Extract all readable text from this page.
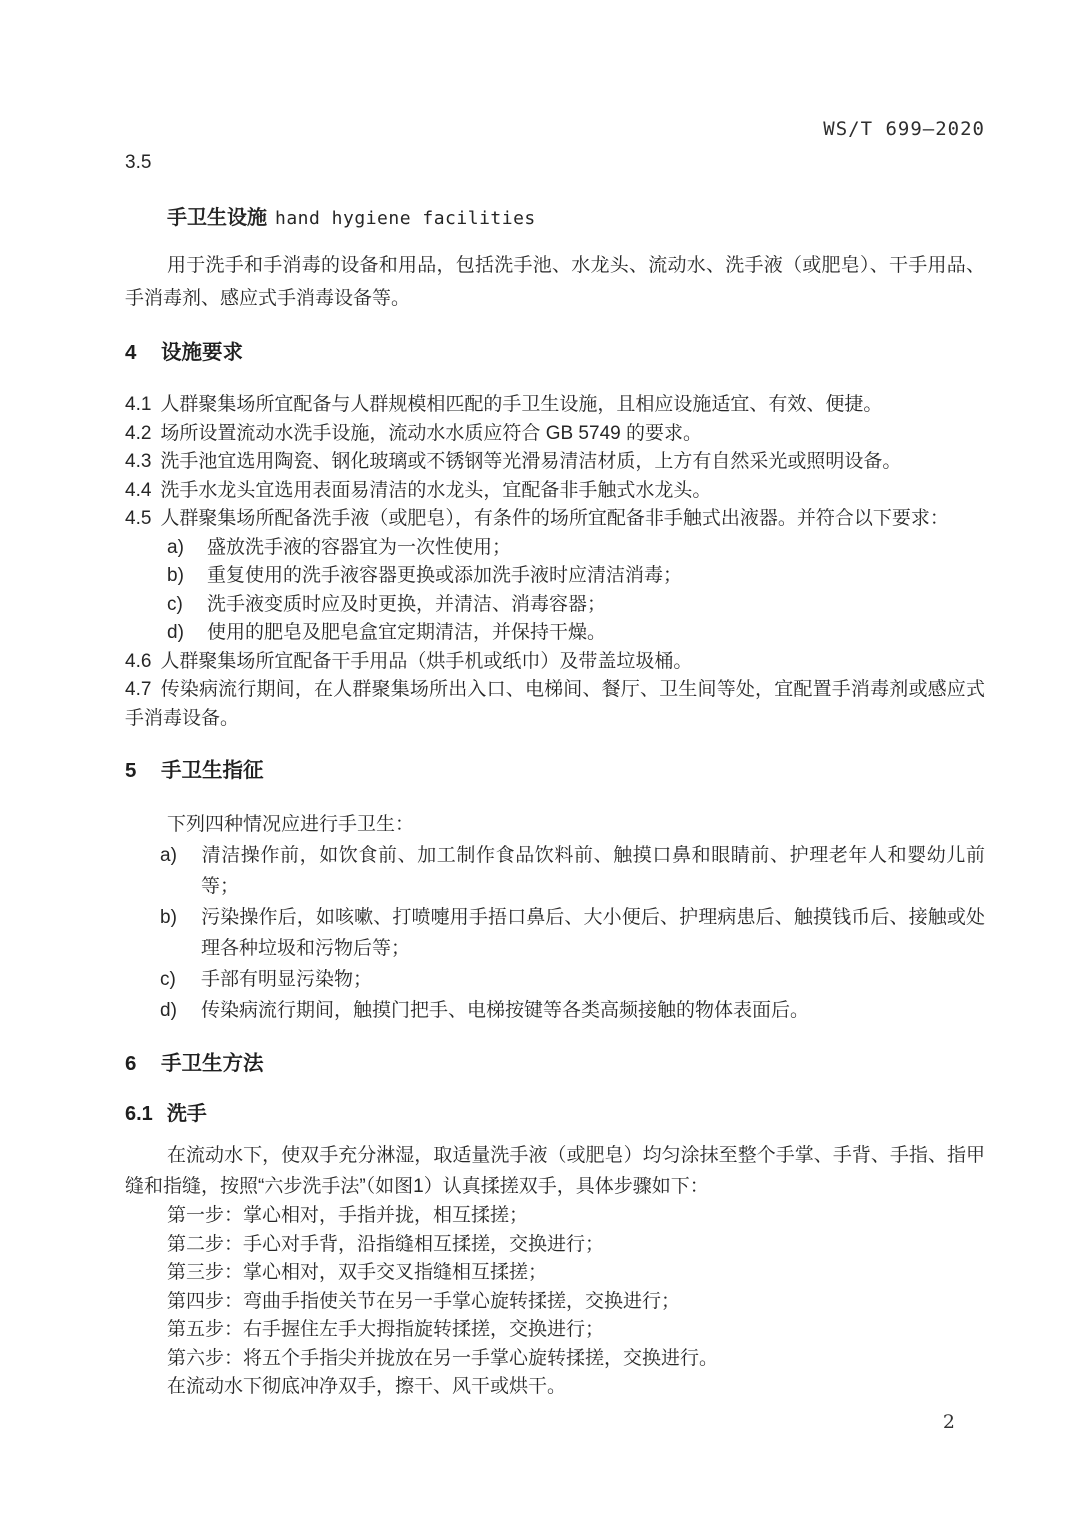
WS/T 699—2020
3.5
手卫生设施 hand hygiene facilities

用于洗手和手消毒的设备和用品，包括洗手池、水龙头、流动水、洗手液（或肥皂）、干手用品、手消毒剂、感应式手消毒设备等。

4 设施要求

4.1 人群聚集场所宜配备与人群规模相匹配的手卫生设施，且相应设施适宜、有效、便捷。

4.2 场所设置流动水洗手设施，流动水水质应符合 GB 5749 的要求。

4.3 洗手池宜选用陶瓷、钢化玻璃或不锈钢等光滑易清洁材质，上方有自然采光或照明设备。

4.4 洗手水龙头宜选用表面易清洁的水龙头，宜配备非手触式水龙头。

4.5 人群聚集场所配备洗手液（或肥皂），有条件的场所宜配备非手触式出液器。并符合以下要求：

a) 盛放洗手液的容器宜为一次性使用；

b) 重复使用的洗手液容器更换或添加洗手液时应清洁消毒；

c) 洗手液变质时应及时更换，并清洁、消毒容器；

d) 使用的肥皂及肥皂盒宜定期清洁，并保持干燥。

4.6 人群聚集场所宜配备干手用品（烘手机或纸巾）及带盖垃圾桶。

4.7 传染病流行期间，在人群聚集场所出入口、电梯间、餐厅、卫生间等处，宜配置手消毒剂或感应式手消毒设备。

5 手卫生指征

下列四种情况应进行手卫生：

a) 清洁操作前，如饮食前、加工制作食品饮料前、触摸口鼻和眼睛前、护理老年人和婴幼儿前等；
b) 污染操作后，如咳嗽、打喷嚏用手捂口鼻后、大小便后、护理病患后、触摸钱币后、接触或处理各种垃圾和污物后等；
c) 手部有明显污染物；
d) 传染病流行期间，触摸门把手、电梯按键等各类高频接触的物体表面后。
6 手卫生方法
6.1 洗手

在流动水下，使双手充分淋湿，取适量洗手液（或肥皂）均匀涂抹至整个手掌、手背、手指、指甲缝和指缝，按照“六步洗手法”（如图1）认真揉搓双手，具体步骤如下：

第一步：掌心相对，手指并拢，相互揉搓；

第二步：手心对手背，沿指缝相互揉搓，交换进行；

第三步：掌心相对，双手交叉指缝相互揉搓；

第四步：弯曲手指使关节在另一手掌心旋转揉搓，交换进行；

第五步：右手握住左手大拇指旋转揉搓，交换进行；

第六步：将五个手指尖并拢放在另一手掌心旋转揉搓，交换进行。

在流动水下彻底冲净双手，擦干、风干或烘干。

2
